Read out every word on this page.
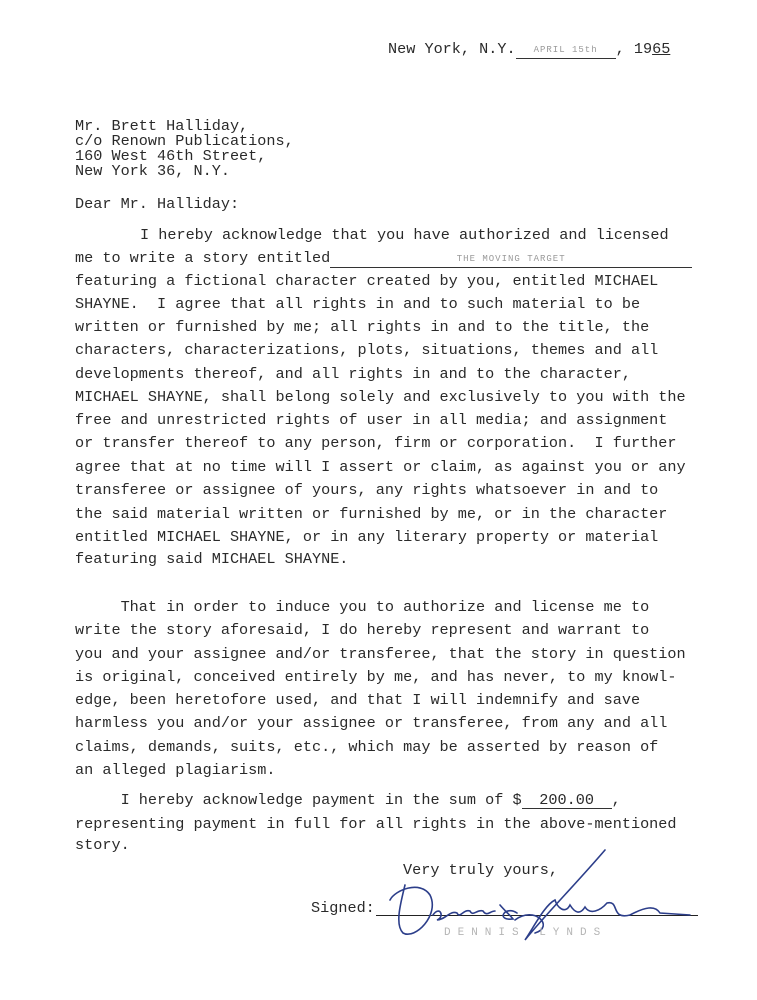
New York, N.Y. APRIL 15th , 1965
Mr. Brett Halliday,
c/o Renown Publications,
160 West 46th Street,
New York 36, N.Y.
Dear Mr. Halliday:
I hereby acknowledge that you have authorized and licensed
me to write a story entitled	THE MOVING TARGET
featuring a fictional character created by you, entitled MICHAEL
SHAYNE.  I agree that all rights in and to such material to be
written or furnished by me; all rights in and to the title, the
characters, characterizations, plots, situations, themes and all
developments thereof, and all rights in and to the character,
MICHAEL SHAYNE, shall belong solely and exclusively to you with the
free and unrestricted rights of user in all media; and assignment
or transfer thereof to any person, firm or corporation.  I further
agree that at no time will I assert or claim, as against you or any
transferee or assignee of yours, any rights whatsoever in and to
the said material written or furnished by me, or in the character
entitled MICHAEL SHAYNE, or in any literary property or material
featuring said MICHAEL SHAYNE.
That in order to induce you to authorize and license me to
write the story aforesaid, I do hereby represent and warrant to
you and your assignee and/or transferee, that the story in question
is original, conceived entirely by me, and has never, to my knowl-
edge, been heretofore used, and that I will indemnify and save
harmless you and/or your assignee or transferee, from any and all
claims, demands, suits, etc., which may be asserted by reason of
an alleged plagiarism.
I hereby acknowledge payment in the sum of $ 200.00 ,
representing payment in full for all rights in the above-mentioned
story.
Very truly yours,
Signed:
DENNIS LYNDS
